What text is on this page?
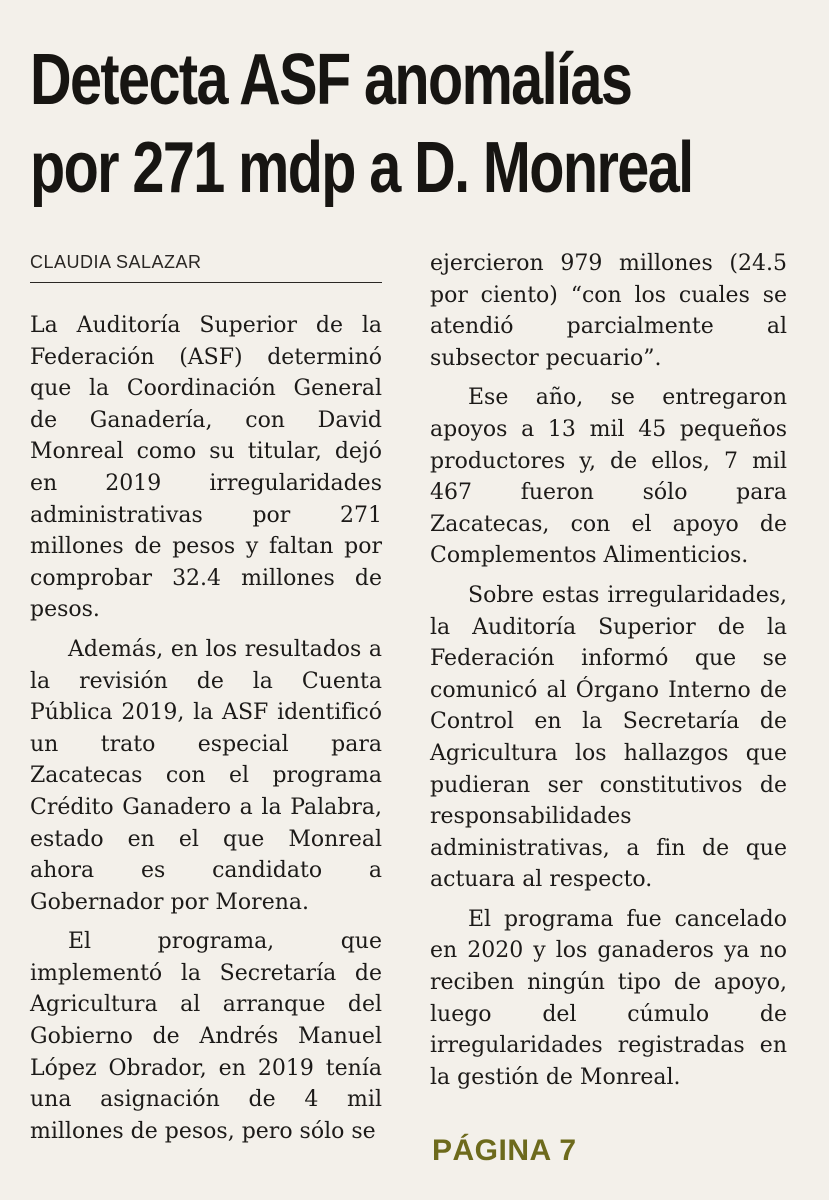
Detecta ASF anomalías
por 271 mdp a D. Monreal
CLAUDIA SALAZAR

La Auditoría Superior de la Federación (ASF) determinó que la Coordinación General de Ganadería, con David Monreal como su titular, dejó en 2019 irregularidades administrativas por 271 millones de pesos y faltan por comprobar 32.4 millones de pesos.

Además, en los resultados a la revisión de la Cuenta Pública 2019, la ASF identificó un trato especial para Zacatecas con el programa Crédito Ganadero a la Palabra, estado en el que Monreal ahora es candidato a Gobernador por Morena.

El programa, que implementó la Secretaría de Agricultura al arranque del Gobierno de Andrés Manuel López Obrador, en 2019 tenía una asignación de 4 mil millones de pesos, pero sólo se

ejercieron 979 millones (24.5 por ciento) “con los cuales se atendió parcialmente al subsector pecuario”.

Ese año, se entregaron apoyos a 13 mil 45 pequeños productores y, de ellos, 7 mil 467 fueron sólo para Zacatecas, con el apoyo de Complementos Alimenticios.

Sobre estas irregularidades, la Auditoría Superior de la Federación informó que se comunicó al Órgano Interno de Control en la Secretaría de Agricultura los hallazgos que pudieran ser constitutivos de responsabilidades administrativas, a fin de que actuara al respecto.

El programa fue cancelado en 2020 y los ganaderos ya no reciben ningún tipo de apoyo, luego del cúmulo de irregularidades registradas en la gestión de Monreal.

PÁGINA 7
